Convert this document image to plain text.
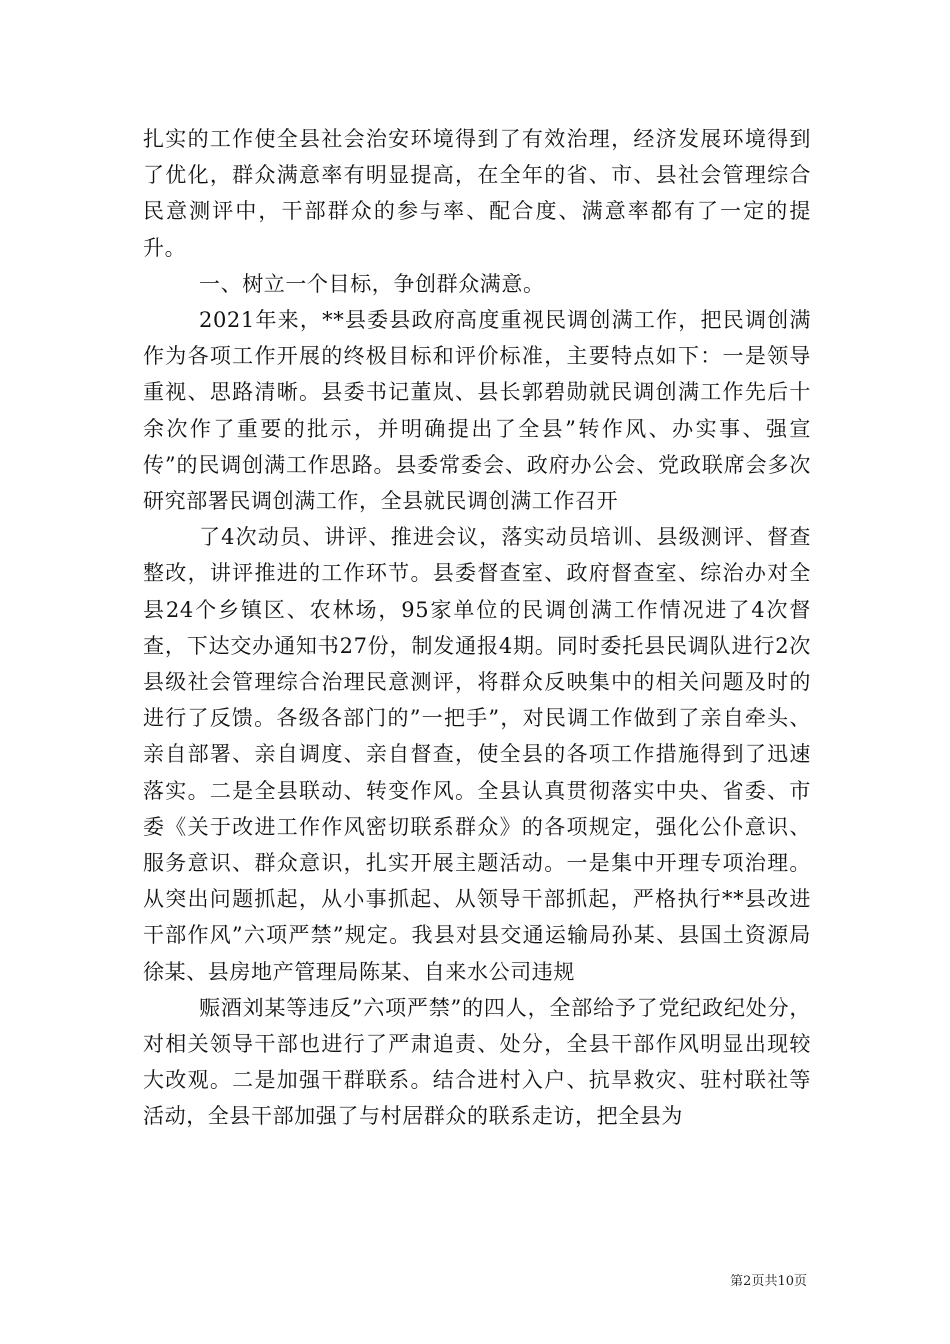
扎实的工作使全县社会治安环境得到了有效治理，经济发展环境得到了优化，群众满意率有明显提高，在全年的省、市、县社会管理综合民意测评中，干部群众的参与率、配合度、满意率都有了一定的提升。

一、树立一个目标，争创群众满意。

2021年来，**县委县政府高度重视民调创满工作，把民调创满作为各项工作开展的终极目标和评价标准，主要特点如下：一是领导重视、思路清晰。县委书记董岚、县长郭碧勋就民调创满工作先后十余次作了重要的批示，并明确提出了全县”转作风、办实事、强宣传”的民调创满工作思路。县委常委会、政府办公会、党政联席会多次研究部署民调创满工作，全县就民调创满工作召开

了4次动员、讲评、推进会议，落实动员培训、县级测评、督查整改，讲评推进的工作环节。县委督查室、政府督查室、综治办对全县24个乡镇区、农林场，95家单位的民调创满工作情况进了4次督查，下达交办通知书27份，制发通报4期。同时委托县民调队进行2次县级社会管理综合治理民意测评，将群众反映集中的相关问题及时的进行了反馈。各级各部门的”一把手”，对民调工作做到了亲自牵头、亲自部署、亲自调度、亲自督查，使全县的各项工作措施得到了迅速落实。二是全县联动、转变作风。全县认真贯彻落实中央、省委、市委《关于改进工作作风密切联系群众》的各项规定，强化公仆意识、服务意识、群众意识，扎实开展主题活动。一是集中开理专项治理。从突出问题抓起，从小事抓起、从领导干部抓起，严格执行**县改进干部作风”六项严禁”规定。我县对县交通运输局孙某、县国土资源局徐某、县房地产管理局陈某、自来水公司违规

赈酒刘某等违反”六项严禁”的四人，全部给予了党纪政纪处分，对相关领导干部也进行了严肃追责、处分，全县干部作风明显出现较大改观。二是加强干群联系。结合进村入户、抗旱救灾、驻村联社等活动，全县干部加强了与村居群众的联系走访，把全县为

第2页共10页
